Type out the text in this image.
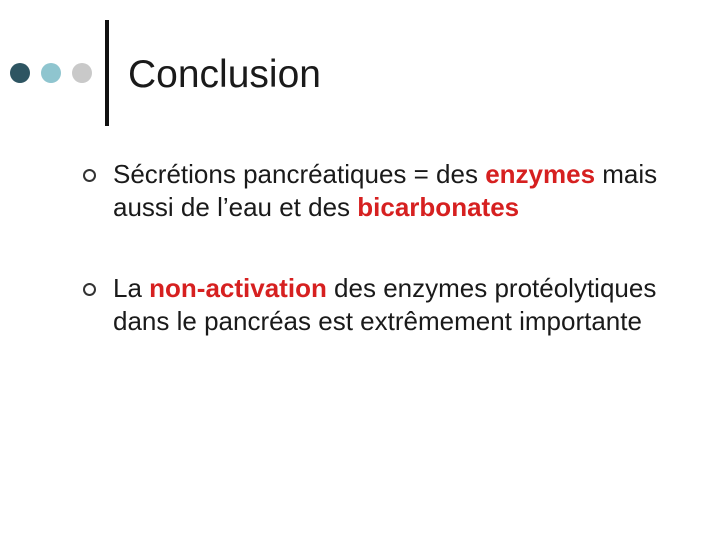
Conclusion
Sécrétions pancréatiques = des enzymes mais aussi de l’eau et des bicarbonates
La non-activation des enzymes protéolytiques dans le pancréas est extrêmement importante
